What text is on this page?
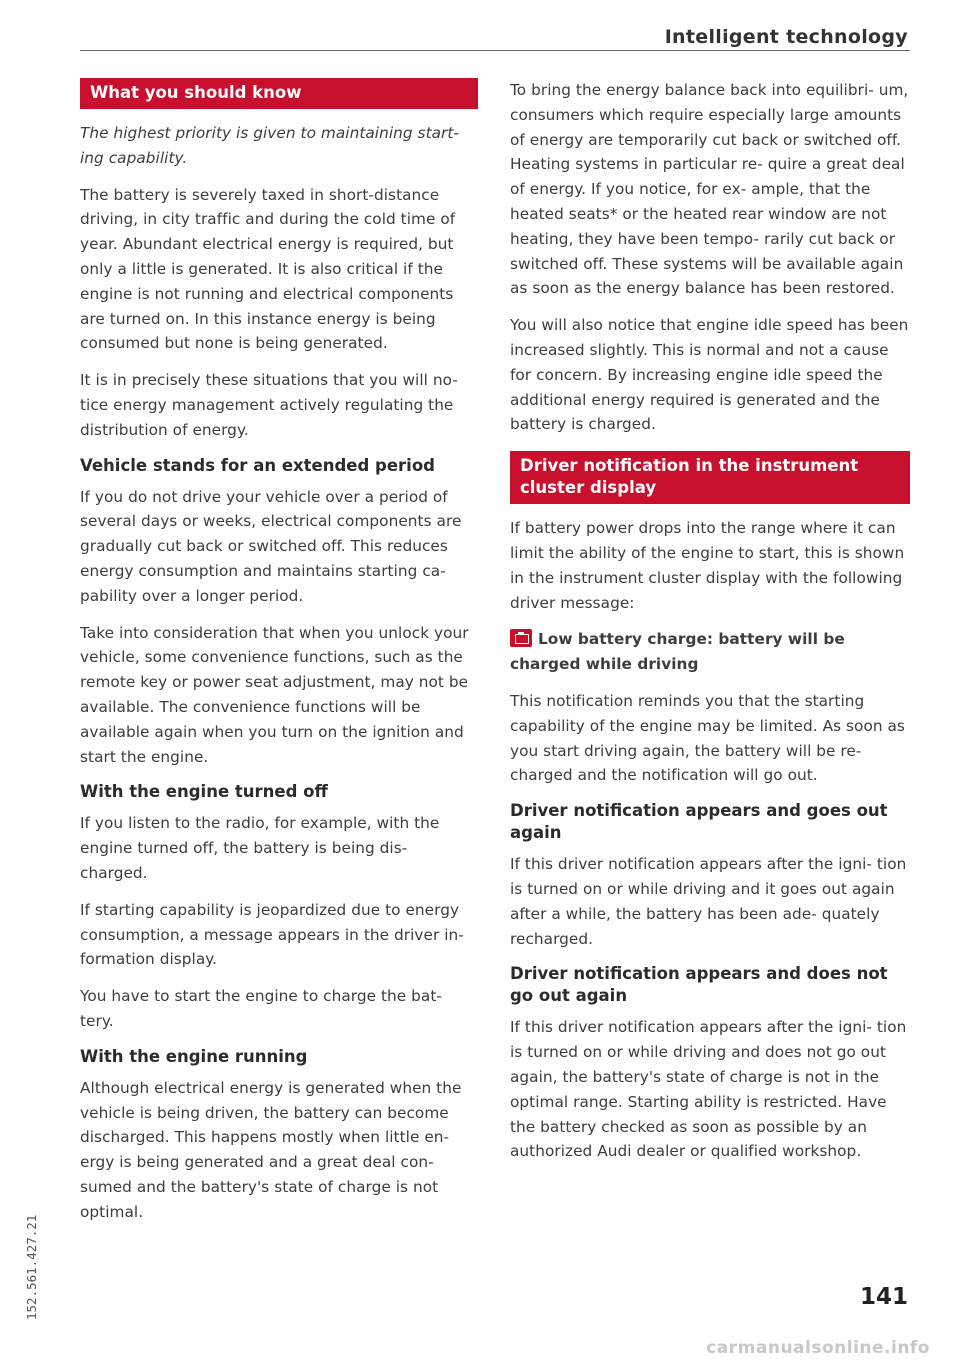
Intelligent technology
What you should know

The highest priority is given to maintaining start- ing capability.

The battery is severely taxed in short-distance driving, in city traffic and during the cold time of year. Abundant electrical energy is required, but only a little is generated. It is also critical if the engine is not running and electrical components are turned on. In this instance energy is being consumed but none is being generated.

It is in precisely these situations that you will no- tice energy management actively regulating the distribution of energy.

Vehicle stands for an extended period

If you do not drive your vehicle over a period of several days or weeks, electrical components are gradually cut back or switched off. This reduces energy consumption and maintains starting ca- pability over a longer period.

Take into consideration that when you unlock your vehicle, some convenience functions, such as the remote key or power seat adjustment, may not be available. The convenience functions will be available again when you turn on the ignition and start the engine.

With the engine turned off

If you listen to the radio, for example, with the engine turned off, the battery is being dis- charged.

If starting capability is jeopardized due to energy consumption, a message appears in the driver in- formation display.

You have to start the engine to charge the bat- tery.

With the engine running

Although electrical energy is generated when the vehicle is being driven, the battery can become discharged. This happens mostly when little en- ergy is being generated and a great deal con- sumed and the battery's state of charge is not optimal.

To bring the energy balance back into equilibri- um, consumers which require especially large amounts of energy are temporarily cut back or switched off. Heating systems in particular re- quire a great deal of energy. If you notice, for ex- ample, that the heated seats* or the heated rear window are not heating, they have been tempo- rarily cut back or switched off. These systems will be available again as soon as the energy balance has been restored.

You will also notice that engine idle speed has been increased slightly. This is normal and not a cause for concern. By increasing engine idle speed the additional energy required is generated and the battery is charged.

Driver notification in the instrument cluster display

If battery power drops into the range where it can limit the ability of the engine to start, this is shown in the instrument cluster display with the following driver message:

Low battery charge: battery will be charged while driving

This notification reminds you that the starting capability of the engine may be limited. As soon as you start driving again, the battery will be re- charged and the notification will go out.

Driver notification appears and goes out again

If this driver notification appears after the igni- tion is turned on or while driving and it goes out again after a while, the battery has been ade- quately recharged.

Driver notification appears and does not go out again

If this driver notification appears after the igni- tion is turned on or while driving and does not go out again, the battery's state of charge is not in the optimal range. Starting ability is restricted. Have the battery checked as soon as possible by an authorized Audi dealer or qualified workshop.

141
152.561.427.21
carmanualsonline.info
